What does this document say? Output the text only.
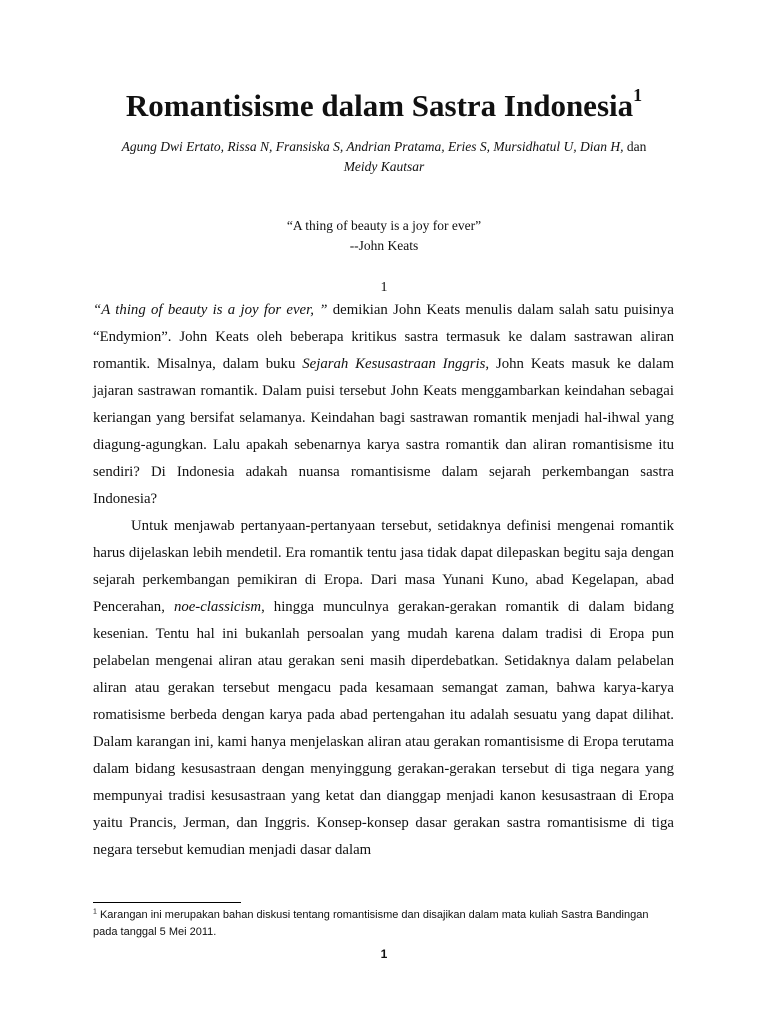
Romantisisme dalam Sastra Indonesia$^1$
Agung Dwi Ertato, Rissa N, Fransiska S, Andrian Pratama, Eries S, Mursidhatul U, Dian H, dan
Meidy Kautsar
“A thing of beauty is a joy for ever”
--John Keats
1

“A thing of beauty is a joy for ever, ” demikian John Keats menulis dalam salah satu puisinya “Endymion”. John Keats oleh beberapa kritikus sastra termasuk ke dalam sastrawan aliran romantik. Misalnya, dalam buku Sejarah Kesusastraan Inggris, John Keats masuk ke dalam jajaran sastrawan romantik. Dalam puisi tersebut John Keats menggambarkan keindahan sebagai keriangan yang bersifat selamanya. Keindahan bagi sastrawan romantik menjadi hal-ihwal yang diagung-agungkan. Lalu apakah sebenarnya karya sastra romantik dan aliran romantisisme itu sendiri? Di Indonesia adakah nuansa romantisisme dalam sejarah perkembangan sastra Indonesia?

Untuk menjawab pertanyaan-pertanyaan tersebut, setidaknya definisi mengenai romantik harus dijelaskan lebih mendetil. Era romantik tentu jasa tidak dapat dilepaskan begitu saja dengan sejarah perkembangan pemikiran di Eropa. Dari masa Yunani Kuno, abad Kegelapan, abad Pencerahan, noe-classicism, hingga munculnya gerakan-gerakan romantik di dalam bidang kesenian. Tentu hal ini bukanlah persoalan yang mudah karena dalam tradisi di Eropa pun pelabelan mengenai aliran atau gerakan seni masih diperdebatkan. Setidaknya dalam pelabelan aliran atau gerakan tersebut mengacu pada kesamaan semangat zaman, bahwa karya-karya romatisisme berbeda dengan karya pada abad pertengahan itu adalah sesuatu yang dapat dilihat. Dalam karangan ini, kami hanya menjelaskan aliran atau gerakan romantisisme di Eropa terutama dalam bidang kesusastraan dengan menyinggung gerakan-gerakan tersebut di tiga negara yang mempunyai tradisi kesusastraan yang ketat dan dianggap menjadi kanon kesusastraan di Eropa yaitu Prancis, Jerman, dan Inggris. Konsep-konsep dasar gerakan sastra romantisisme di tiga negara tersebut kemudian menjadi dasar dalam

$^1$ Karangan ini merupakan bahan diskusi tentang romantisisme dan disajikan dalam mata kuliah Sastra Bandingan pada tanggal 5 Mei 2011.
1
